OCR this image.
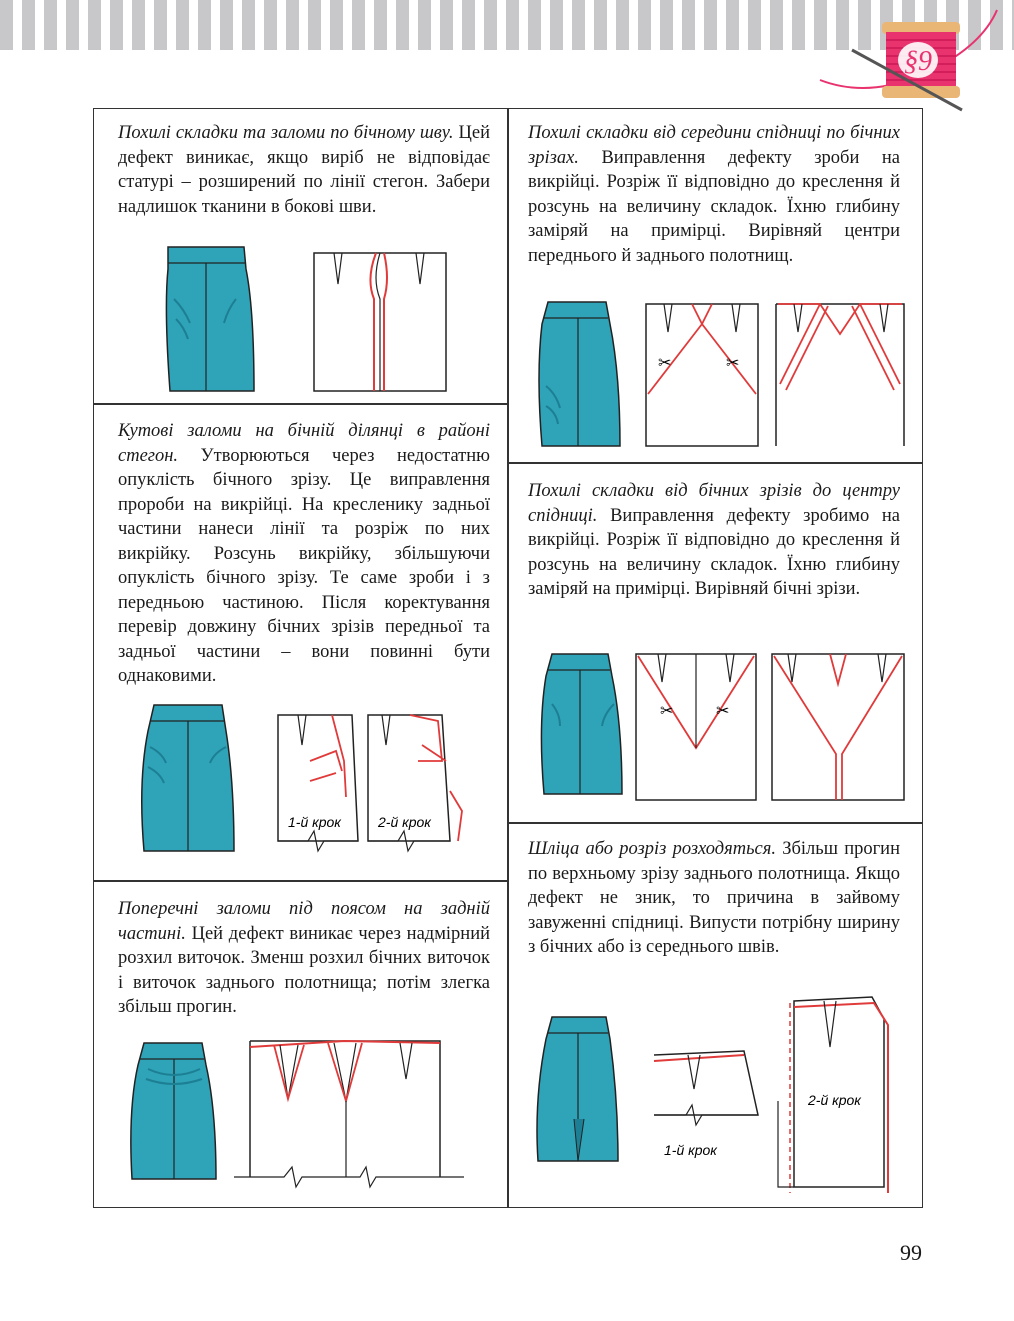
§9

Похилі складки та заломи по бічному шву. Цей дефект виникає, якщо виріб не відповідає статурі – розширений по лінії стегон. Забери надлишок тканини в бокові шви.

Кутові заломи на бічній ділянці в районі стегон. Утворюються через недостатню опуклість бічного зрізу. Це виправлення пророби на викрійці. На кресленику задньої частини нанеси лінії та розріж по них викрійку. Розсунь викрійку, збільшуючи опуклість бічного зрізу. Те саме зроби і з передньою частиною. Після коректування перевір довжину бічних зрізів передньої та задньої частини – вони повинні бути однаковими.

1-й крок	2-й крок

Поперечні заломи під поясом на задній частині. Цей дефект виникає через надмірний розхил виточок. Зменш розхил бічних виточок і виточок заднього полотнища; потім злегка збільш прогин.

Похилі складки від середини спідниці по бічних зрізах. Виправлення дефекту зроби на викрійці. Розріж її відповідно до креслення й розсунь на величину складок. Їхню глибину заміряй на примірці. Вирівняй центри переднього й заднього полотнищ.

✂	✂

Похилі складки від бічних зрізів до центру спідниці. Виправлення дефекту зробимо на викрійці. Розріж її відповідно до креслення й розсунь на величину складок. Їхню глибину заміряй на примірці. Вирівняй бічні зрізи.

✂	✂

Шліца або розріз розходяться. Збільш прогин по верхньому зрізу заднього полотнища. Якщо дефект не зник, то причина в зайвому завуженні спідниці. Випусти потрібну ширину з бічних або із середнього швів.

1-й крок
2-й крок
99
